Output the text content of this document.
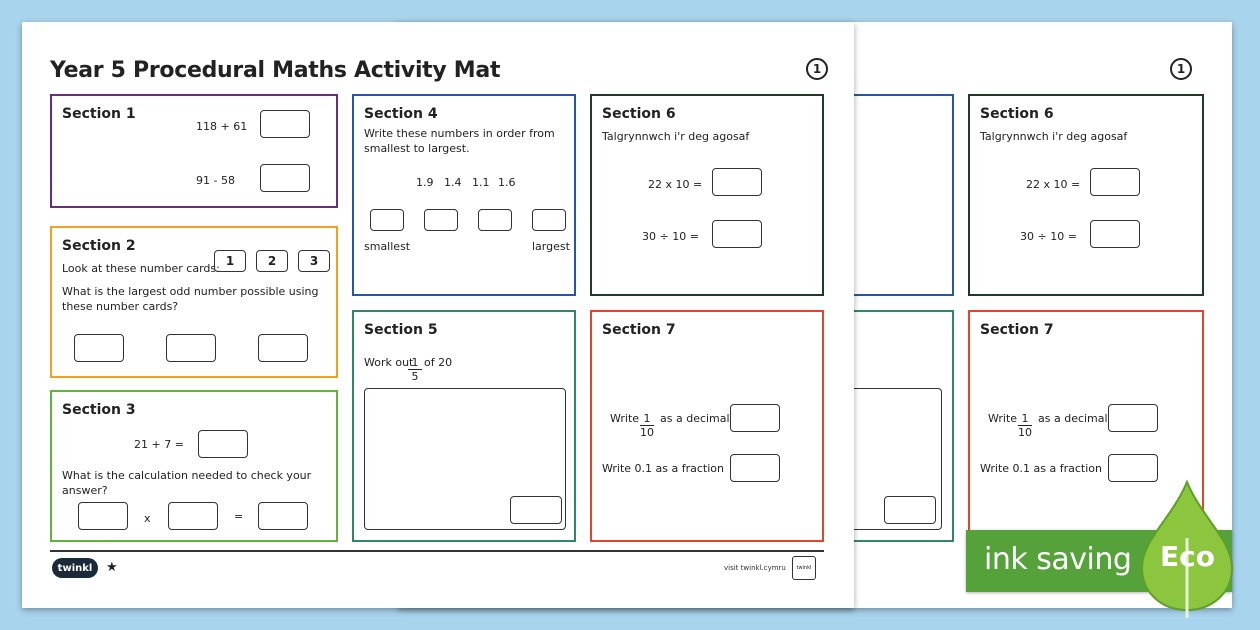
1
Section 6
Talgrynnwch i'r deg agosaf
22 x 10 =
30 ÷ 10 =
Section 7
Write $\frac{1}{10}$ as a decimal
Write 0.1 as a fraction
Year 5 Procedural Maths Activity Mat	1
Section 1
118 + 61
91 - 58
Section 2
Look at these number cards:
1	2	3
What is the largest odd number possible using these number cards?
Section 3
21 + 7 =
What is the calculation needed to check your answer?
x	=
Section 4
Write these numbers in order from smallest to largest.
1.9 1.4 1.1 1.6
smallest	largest
Section 5
Work out
$\frac{1}{5}$ of 20
Section 6
Talgrynnwch i'r deg agosaf
22 x 10 =
30 ÷ 10 =
Section 7
Write $\frac{1}{10}$ as a decimal
Write 0.1 as a fraction
twinkl	★	visit twinkl.cymru	twinkl	ink saving Eco
